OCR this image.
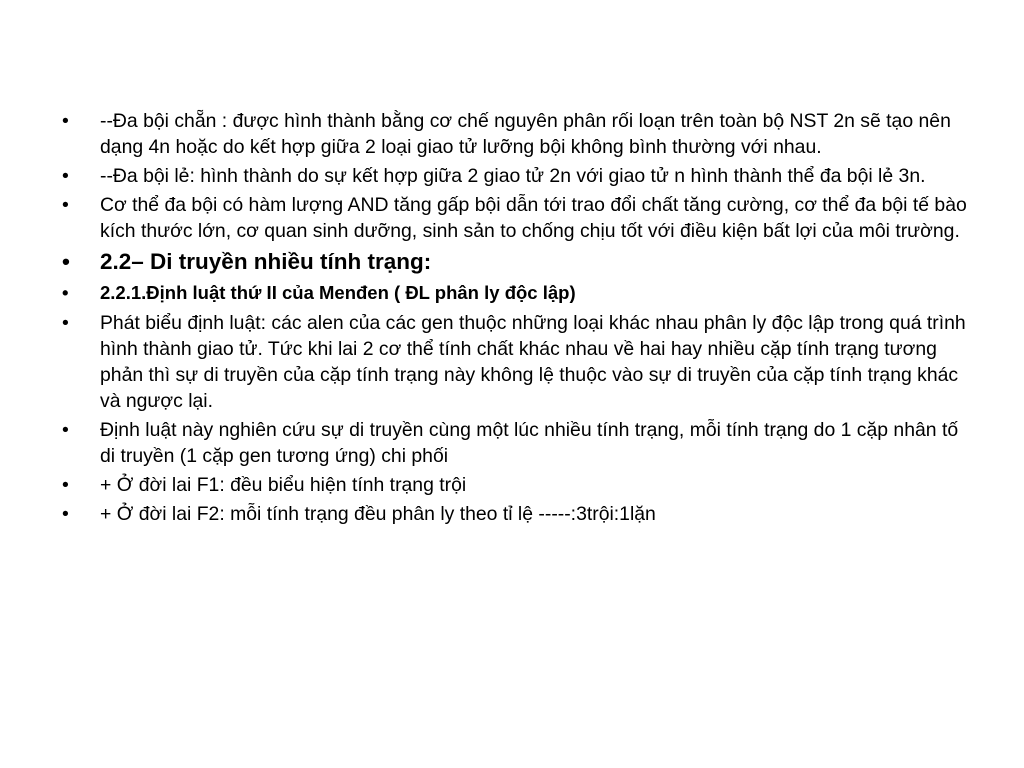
• --Đa bội chẵn : được hình thành bằng cơ chế nguyên phân rối loạn trên toàn bộ NST 2n sẽ tạo nên dạng 4n hoặc do kết hợp giữa 2 loại giao tử lưỡng bội không bình thường với nhau.
• --Đa bội lẻ: hình thành do sự kết hợp giữa 2 giao tử 2n với giao tử n hình thành thể đa bội lẻ 3n.
• Cơ thể đa bội có hàm lượng AND tăng gấp bội dẫn tới trao đổi chất tăng cường, cơ thể đa bội tế bào kích thước lớn, cơ quan sinh dưỡng, sinh sản to chống chịu tốt với điều kiện bất lợi của môi trường.
• 2.2– Di truyền nhiều tính trạng:
• 2.2.1.Định luật thứ II của Menđen ( ĐL phân ly độc lập)
• Phát biểu định luật: các alen của các gen thuộc những loại khác nhau phân ly độc lập trong quá trình hình thành giao tử. Tức khi lai 2 cơ thể tính chất khác nhau về hai hay nhiều cặp tính trạng tương phản thì sự di truyền của cặp tính trạng này không lệ thuộc vào sự di truyền của cặp tính trạng khác và ngược lại.
• Định luật này nghiên cứu sự di truyền cùng một lúc nhiều tính trạng, mỗi tính trạng do 1 cặp nhân tố di truyền (1 cặp gen tương ứng) chi phối
• + Ở đời lai F1: đều biểu hiện tính trạng trội
• + Ở đời lai F2: mỗi tính trạng đều phân ly theo tỉ lệ -----:3trội:1lặn
